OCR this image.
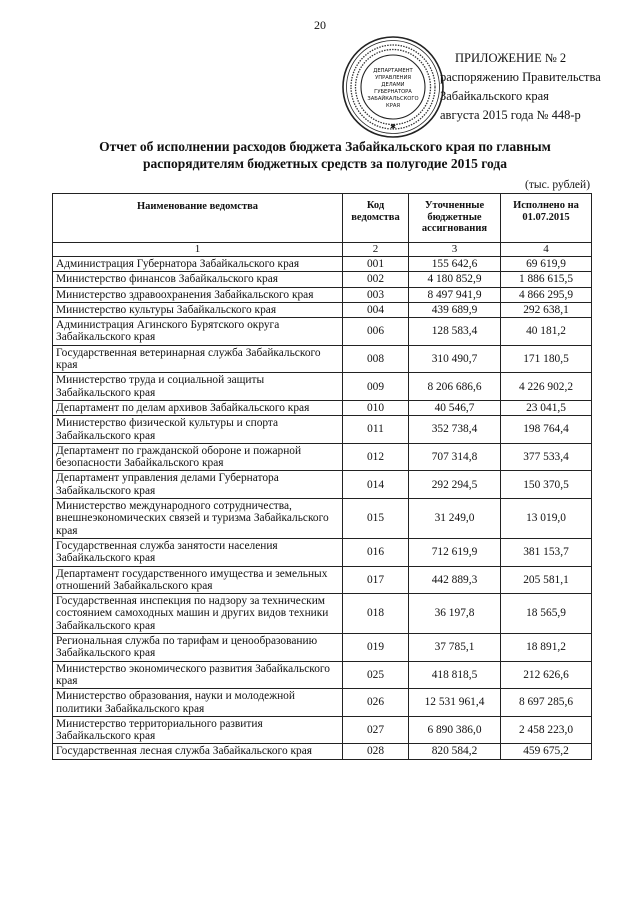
20
ДЕПАРТАМЕНТ
УПРАВЛЕНИЯ
ДЕЛАМИ
ГУБЕРНАТОРА
ЗАБАЙКАЛЬСКОГО
КРАЯ
✱
ПРИЛОЖЕНИЕ № 2
распоряжению Правительства
Забайкальского края
августа 2015 года № 448-р
Отчет об исполнении расходов бюджета Забайкальского края по главным
распорядителям бюджетных средств за полугодие 2015 года
(тыс. рублей)
Наименование ведомства	Код ведомства	Уточненные бюджетные ассигнования	Исполнено на 01.07.2015
1	2	3	4
Администрация Губернатора Забайкальского края	001	155 642,6	69 619,9
Министерство финансов Забайкальского края	002	4 180 852,9	1 886 615,5
Министерство здравоохранения Забайкальского края	003	8 497 941,9	4 866 295,9
Министерство культуры Забайкальского края	004	439 689,9	292 638,1
Администрация Агинского Бурятского округа Забайкальского края	006	128 583,4	40 181,2
Государственная ветеринарная служба Забайкальского края	008	310 490,7	171 180,5
Министерство труда и социальной защиты Забайкальского края	009	8 206 686,6	4 226 902,2
Департамент по делам архивов Забайкальского края	010	40 546,7	23 041,5
Министерство физической культуры и спорта Забайкальского края	011	352 738,4	198 764,4
Департамент по гражданской обороне и пожарной безопасности Забайкальского края	012	707 314,8	377 533,4
Департамент управления делами Губернатора Забайкальского края	014	292 294,5	150 370,5
Министерство международного сотрудничества, внешнеэкономических связей и туризма Забайкальского края	015	31 249,0	13 019,0
Государственная служба занятости населения Забайкальского края	016	712 619,9	381 153,7
Департамент государственного имущества и земельных отношений Забайкальского края	017	442 889,3	205 581,1
Государственная инспекция по надзору за техническим состоянием самоходных машин и других видов техники Забайкальского края	018	36 197,8	18 565,9
Региональная служба по тарифам и ценообразованию Забайкальского края	019	37 785,1	18 891,2
Министерство экономического развития Забайкальского края	025	418 818,5	212 626,6
Министерство образования, науки и молодежной политики Забайкальского края	026	12 531 961,4	8 697 285,6
Министерство территориального развития Забайкальского края	027	6 890 386,0	2 458 223,0
Государственная лесная служба Забайкальского края	028	820 584,2	459 675,2
